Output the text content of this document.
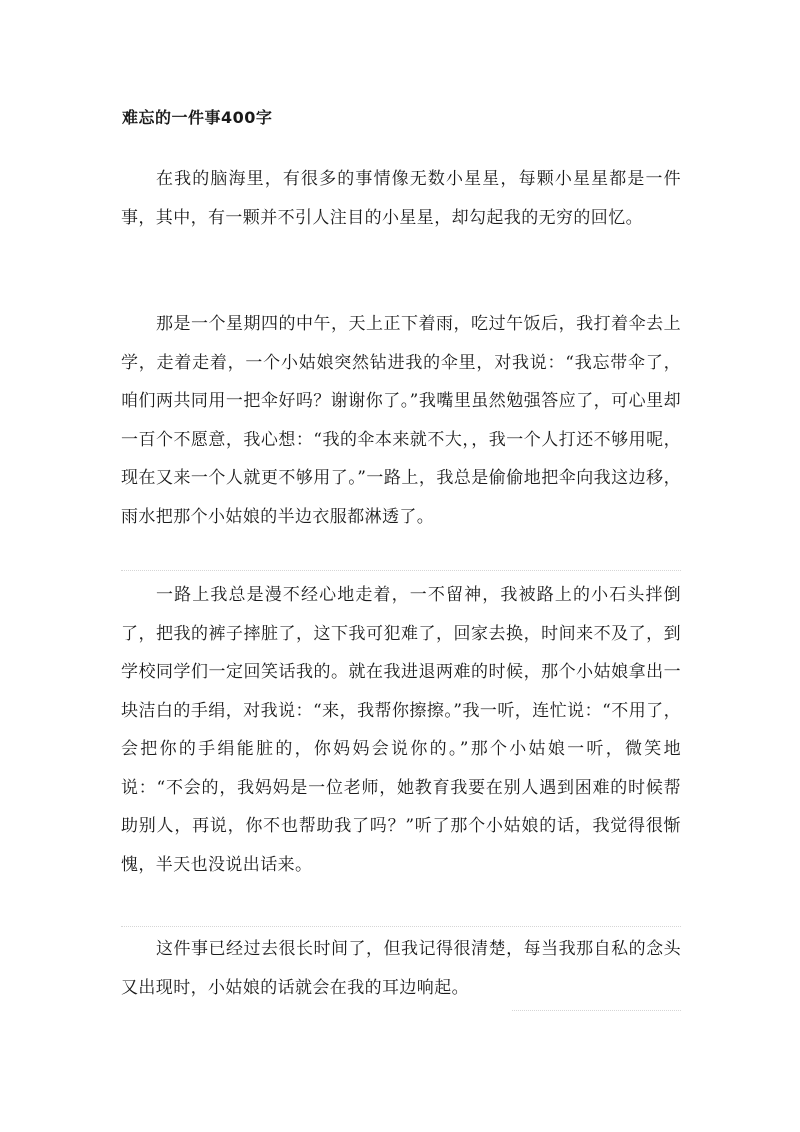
难忘的一件事400字

在我的脑海里，有很多的事情像无数小星星，每颗小星星都是一件事，其中，有一颗并不引人注目的小星星，却勾起我的无穷的回忆。

那是一个星期四的中午，天上正下着雨，吃过午饭后，我打着伞去上学，走着走着，一个小姑娘突然钻进我的伞里，对我说：“我忘带伞了，咱们两共同用一把伞好吗？谢谢你了。”我嘴里虽然勉强答应了，可心里却一百个不愿意，我心想：“我的伞本来就不大，，我一个人打还不够用呢，现在又来一个人就更不够用了。”一路上，我总是偷偷地把伞向我这边移，雨水把那个小姑娘的半边衣服都淋透了。

一路上我总是漫不经心地走着，一不留神，我被路上的小石头拌倒了，把我的裤子摔脏了，这下我可犯难了，回家去换，时间来不及了，到学校同学们一定回笑话我的。就在我进退两难的时候，那个小姑娘拿出一块洁白的手绢，对我说：“来，我帮你擦擦。”我一听，连忙说：“不用了，会把你的手绢能脏的，你妈妈会说你的。”那个小姑娘一听，微笑地说：“不会的，我妈妈是一位老师，她教育我要在别人遇到困难的时候帮助别人，再说，你不也帮助我了吗？”听了那个小姑娘的话，我觉得很惭愧，半天也没说出话来。

这件事已经过去很长时间了，但我记得很清楚，每当我那自私的念头又出现时，小姑娘的话就会在我的耳边响起。
